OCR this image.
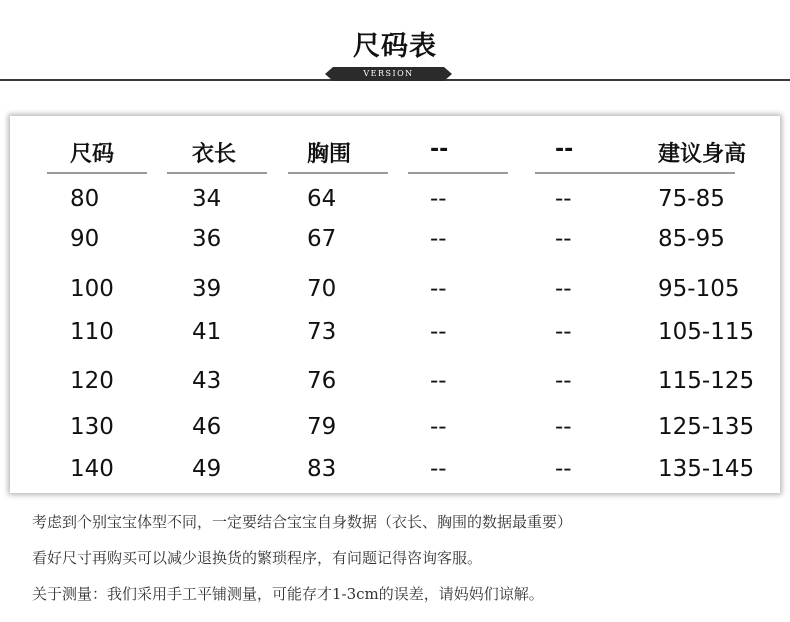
尺码表
VERSION
尺码	衣长	胸围	--	--	建议身高
80	34	64	--	--	75-85
90	36	67	--	--	85-95
100	39	70	--	--	95-105
110	41	73	--	--	105-115
120	43	76	--	--	115-125
130	46	79	--	--	125-135
140	49	83	--	--	135-145
考虑到个别宝宝体型不同，一定要结合宝宝自身数据（衣长、胸围的数据最重要）
看好尺寸再购买可以减少退换货的繁琐程序，有问题记得咨询客服。
关于测量：我们采用手工平铺测量，可能存才1-3cm的误差，请妈妈们谅解。
